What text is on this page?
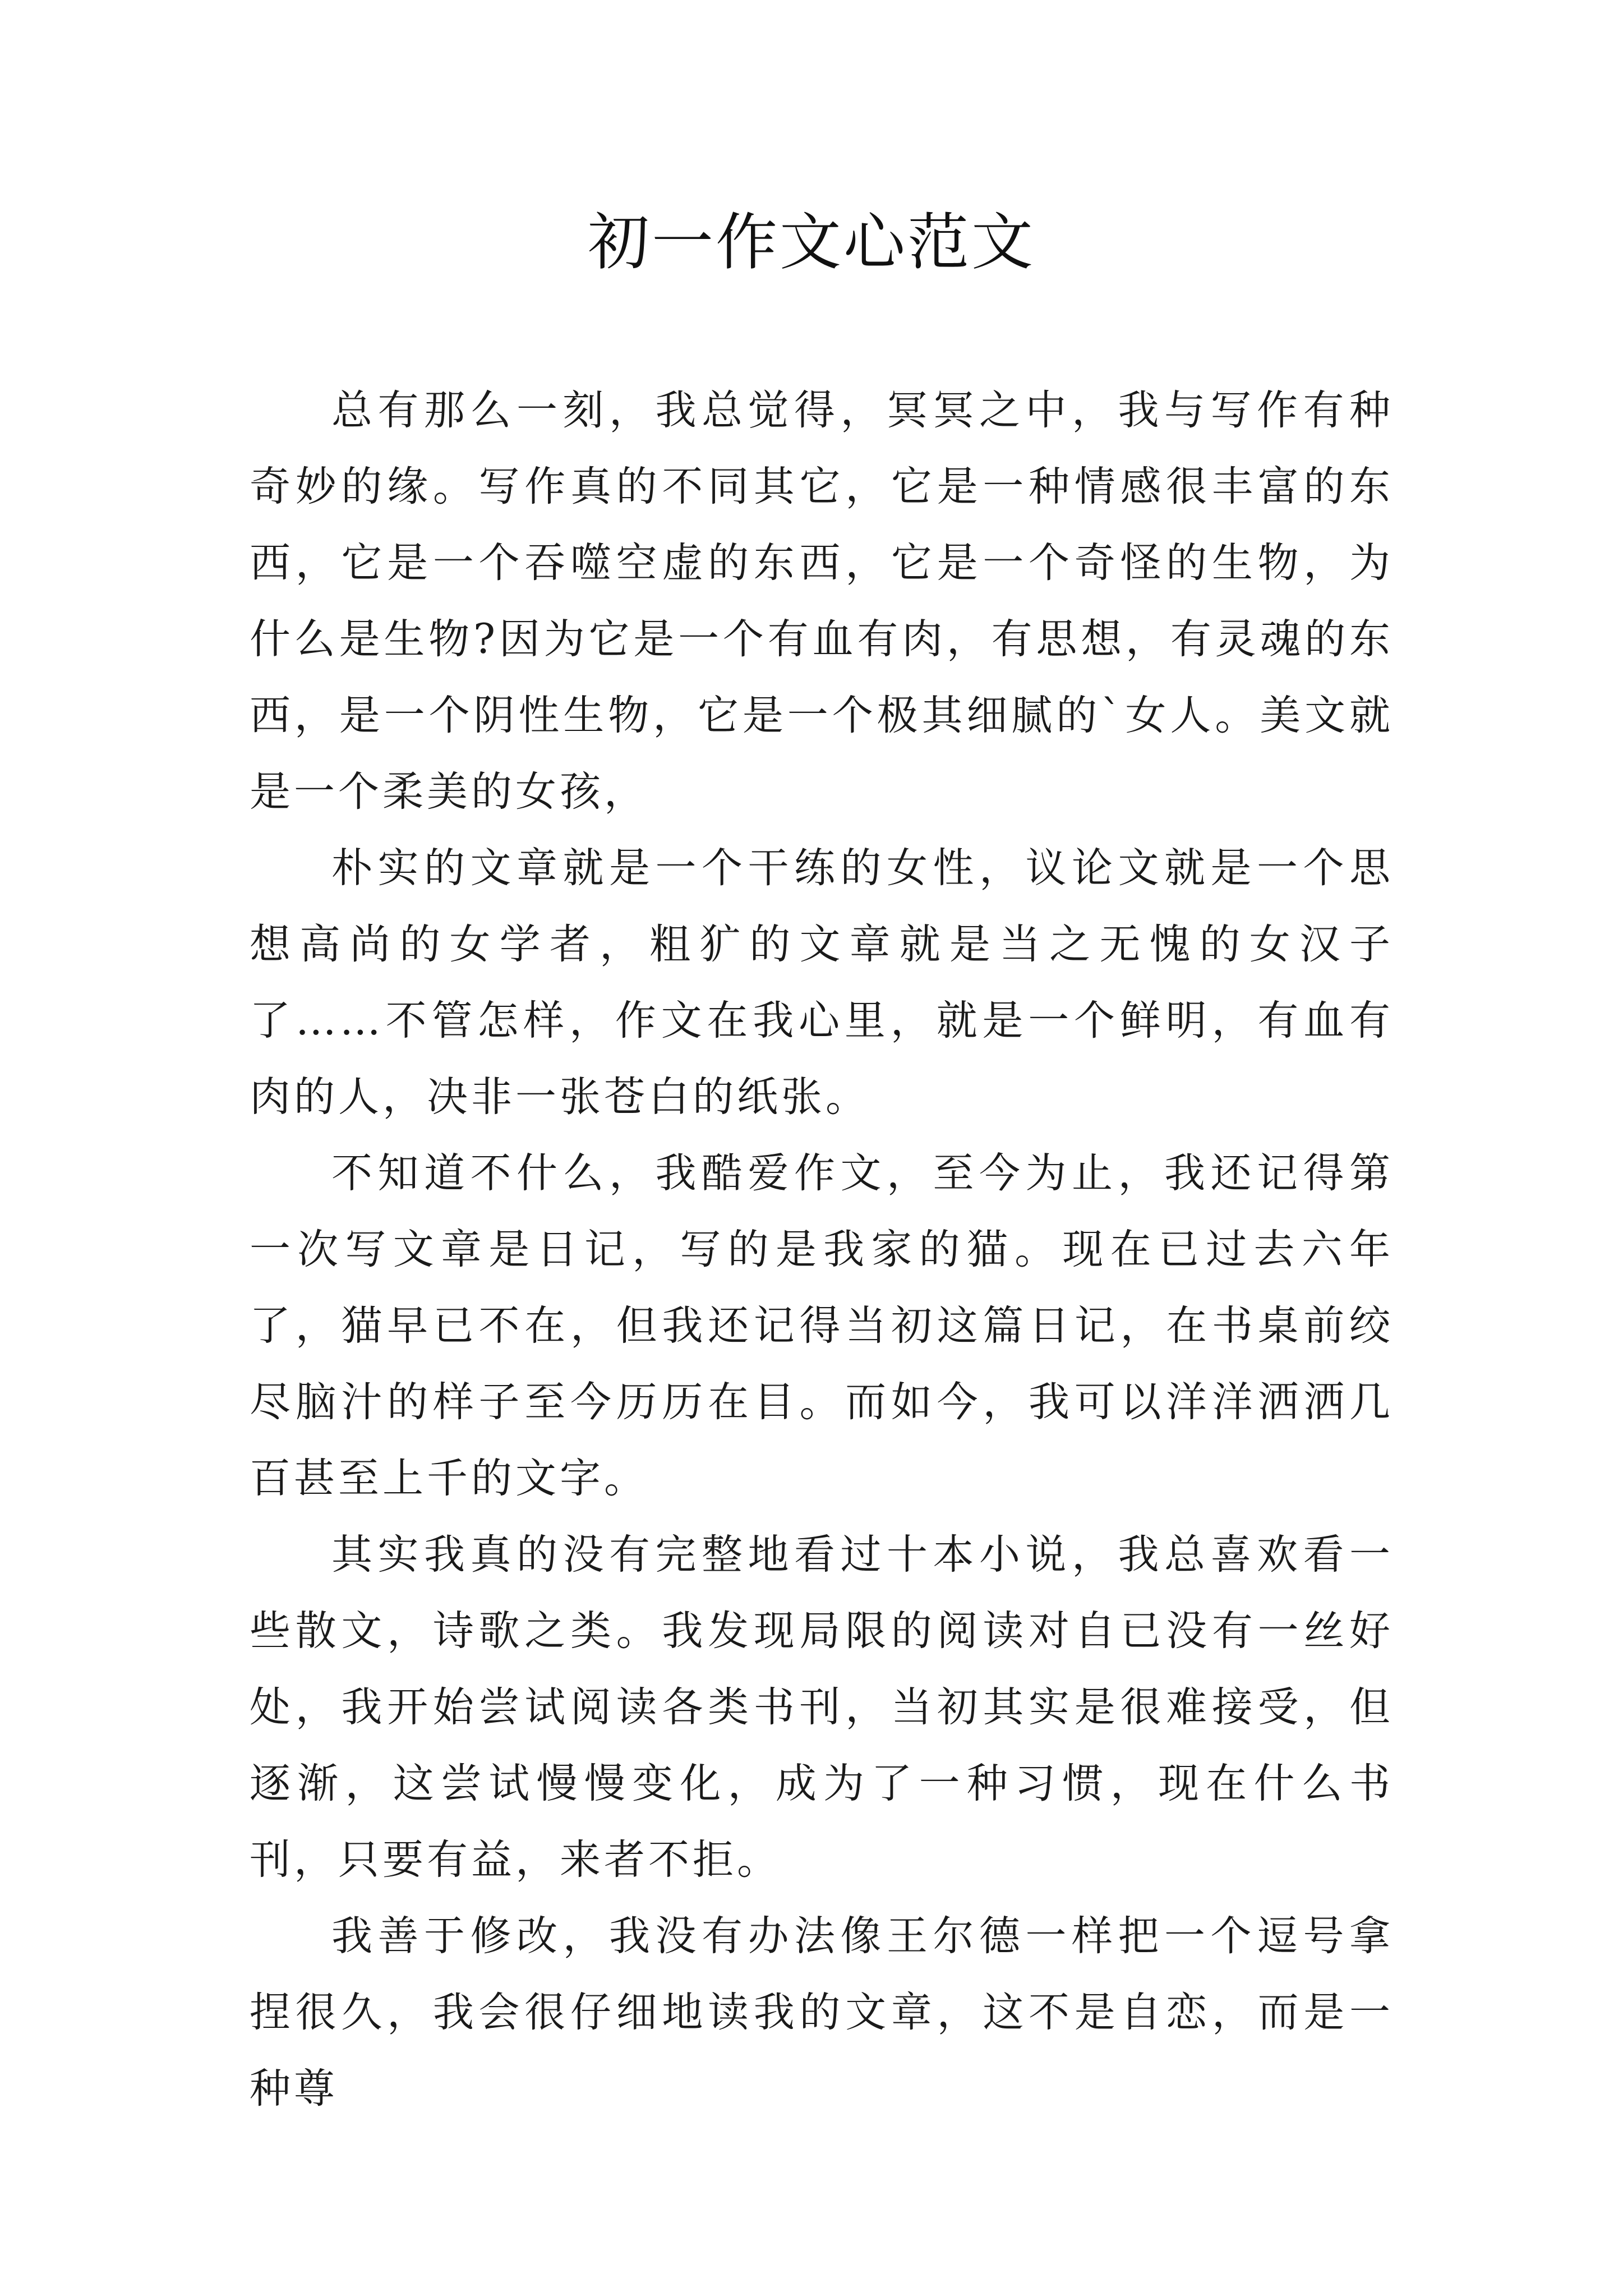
初一作文心范文

总有那么一刻，我总觉得，冥冥之中，我与写作有种奇妙的缘。写作真的不同其它，它是一种情感很丰富的东西，它是一个吞噬空虚的东西，它是一个奇怪的生物，为什么是生物?因为它是一个有血有肉，有思想，有灵魂的东西，是一个阴性生物，它是一个极其细腻的`女人。美文就是一个柔美的女孩，

朴实的文章就是一个干练的女性，议论文就是一个思想高尚的女学者，粗犷的文章就是当之无愧的女汉子了……不管怎样，作文在我心里，就是一个鲜明，有血有肉的人，决非一张苍白的纸张。

不知道不什么，我酷爱作文，至今为止，我还记得第一次写文章是日记，写的是我家的猫。现在已过去六年了，猫早已不在，但我还记得当初这篇日记，在书桌前绞尽脑汁的样子至今历历在目。而如今，我可以洋洋洒洒几百甚至上千的文字。

其实我真的没有完整地看过十本小说，我总喜欢看一些散文，诗歌之类。我发现局限的阅读对自已没有一丝好处，我开始尝试阅读各类书刊，当初其实是很难接受，但逐渐，这尝试慢慢变化，成为了一种习惯，现在什么书刊，只要有益，来者不拒。

我善于修改，我没有办法像王尔德一样把一个逗号拿捏很久，我会很仔细地读我的文章，这不是自恋，而是一种尊
